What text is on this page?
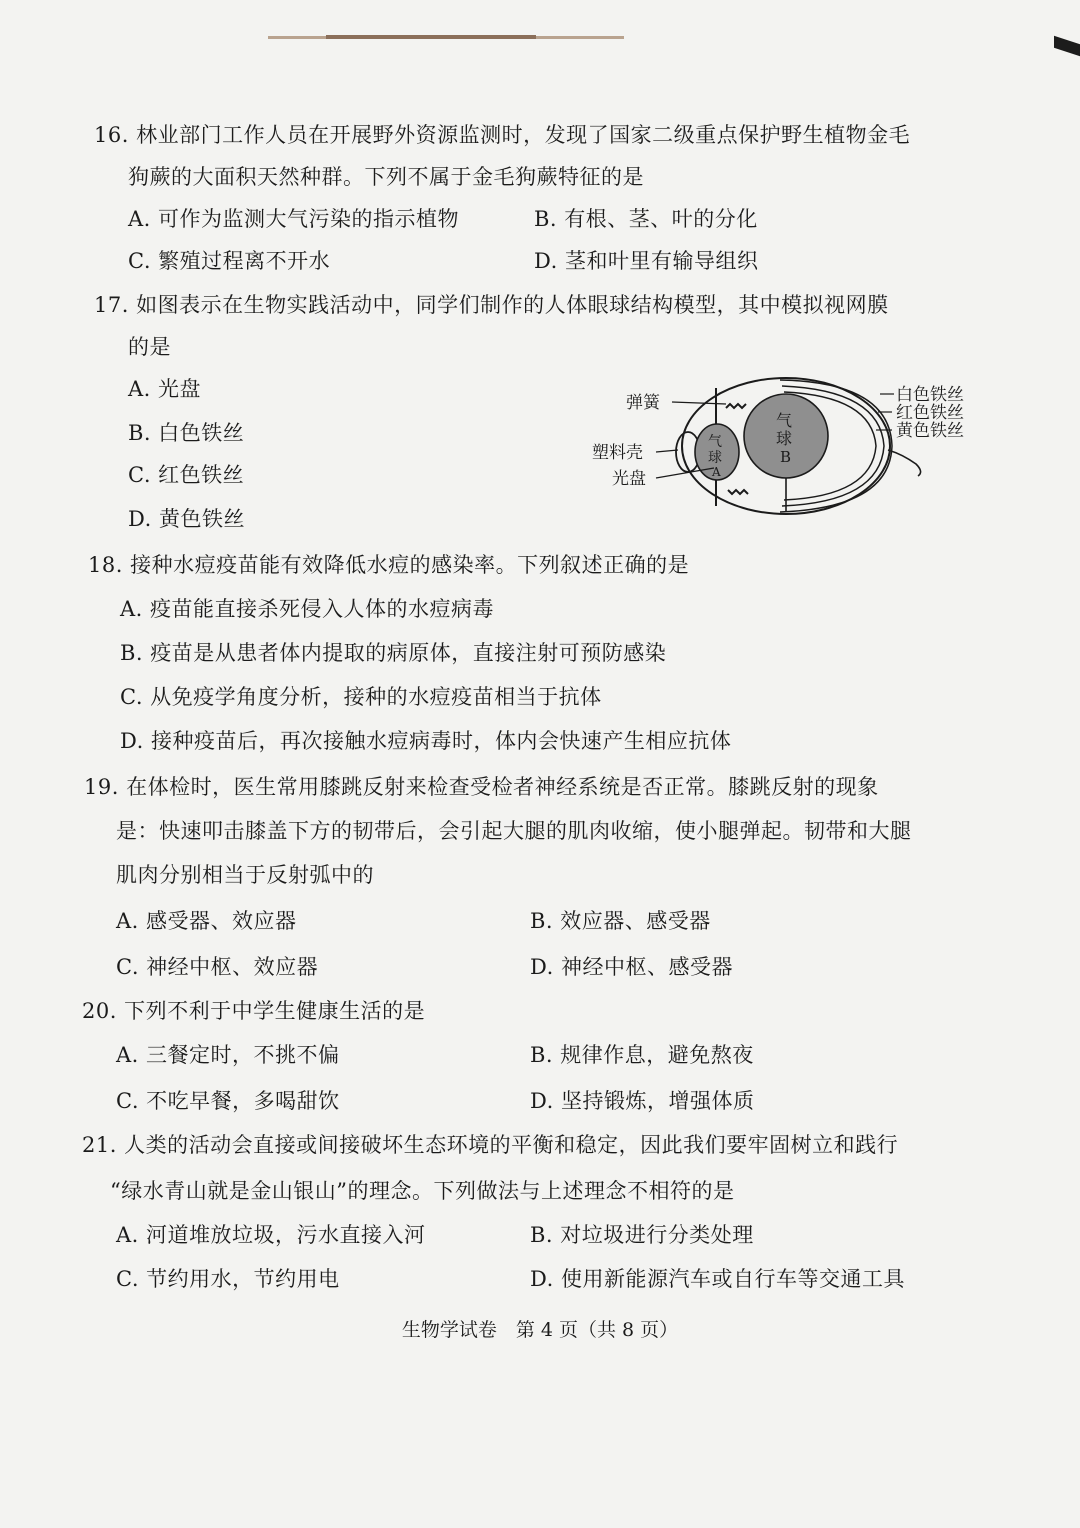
16. 林业部门工作人员在开展野外资源监测时，发现了国家二级重点保护野生植物金毛
狗蕨的大面积天然种群。下列不属于金毛狗蕨特征的是
A. 可作为监测大气污染的指示植物	B. 有根、茎、叶的分化
C. 繁殖过程离不开水	D. 茎和叶里有输导组织
17. 如图表示在生物实践活动中，同学们制作的人体眼球结构模型，其中模拟视网膜
的是
A. 光盘
B. 白色铁丝
C. 红色铁丝
D. 黄色铁丝
弹簧
塑料壳
光盘
白色铁丝
红色铁丝
黄色铁丝
气
球
A
气
球
B
18. 接种水痘疫苗能有效降低水痘的感染率。下列叙述正确的是
A. 疫苗能直接杀死侵入人体的水痘病毒
B. 疫苗是从患者体内提取的病原体，直接注射可预防感染
C. 从免疫学角度分析，接种的水痘疫苗相当于抗体
D. 接种疫苗后，再次接触水痘病毒时，体内会快速产生相应抗体
19. 在体检时，医生常用膝跳反射来检查受检者神经系统是否正常。膝跳反射的现象
是：快速叩击膝盖下方的韧带后，会引起大腿的肌肉收缩，使小腿弹起。韧带和大腿
肌肉分别相当于反射弧中的
A. 感受器、效应器	B. 效应器、感受器
C. 神经中枢、效应器	D. 神经中枢、感受器
20. 下列不利于中学生健康生活的是
A. 三餐定时，不挑不偏	B. 规律作息，避免熬夜
C. 不吃早餐，多喝甜饮	D. 坚持锻炼，增强体质
21. 人类的活动会直接或间接破坏生态环境的平衡和稳定，因此我们要牢固树立和践行
“绿水青山就是金山银山”的理念。下列做法与上述理念不相符的是
A. 河道堆放垃圾，污水直接入河	B. 对垃圾进行分类处理
C. 节约用水，节约用电	D. 使用新能源汽车或自行车等交通工具
生物学试卷　第 4 页（共 8 页）
